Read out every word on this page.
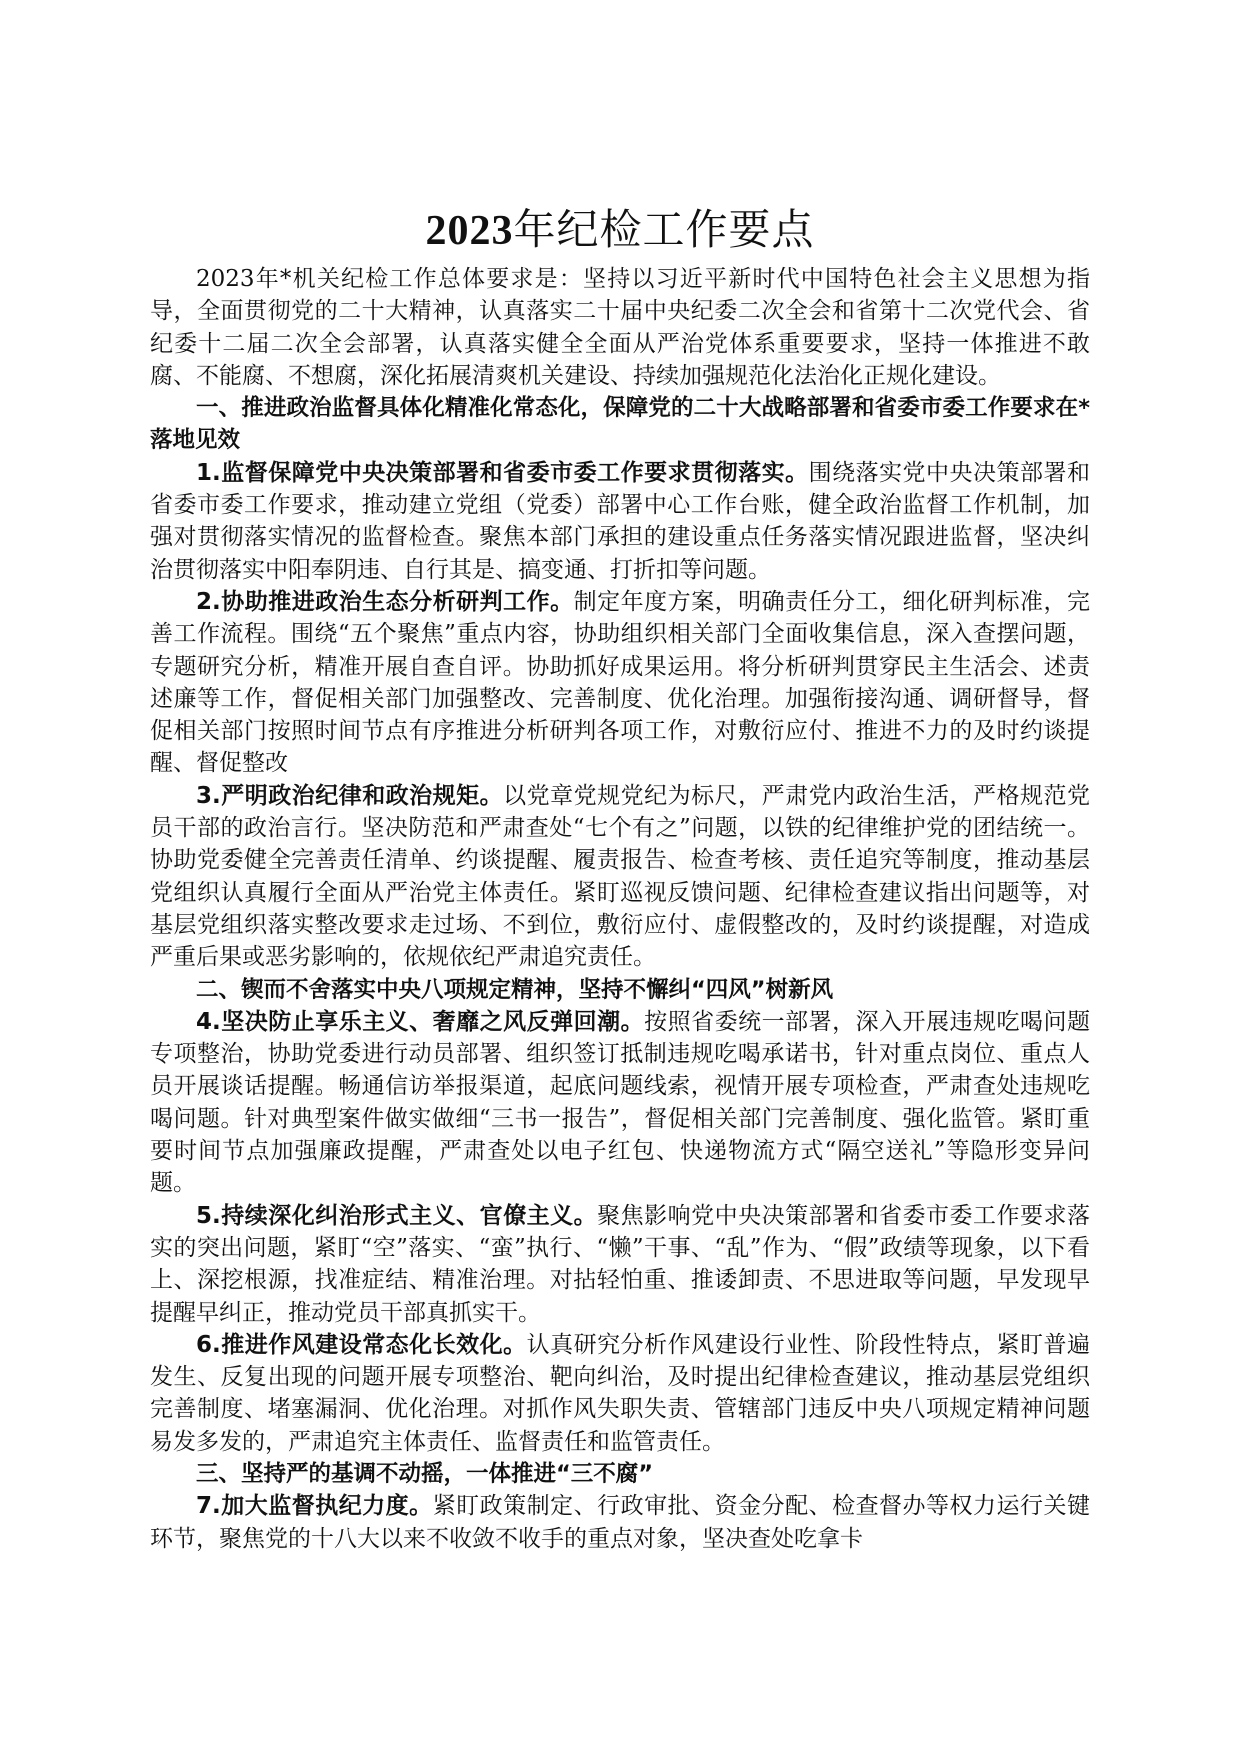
2023年纪检工作要点

2023年*机关纪检工作总体要求是：坚持以习近平新时代中国特色社会主义思想为指导，全面贯彻党的二十大精神，认真落实二十届中央纪委二次全会和省第十二次党代会、省纪委十二届二次全会部署，认真落实健全全面从严治党体系重要要求，坚持一体推进不敢腐、不能腐、不想腐，深化拓展清爽机关建设、持续加强规范化法治化正规化建设。

一、推进政治监督具体化精准化常态化，保障党的二十大战略部署和省委市委工作要求在*落地见效

1.监督保障党中央决策部署和省委市委工作要求贯彻落实。围绕落实党中央决策部署和省委市委工作要求，推动建立党组（党委）部署中心工作台账，健全政治监督工作机制，加强对贯彻落实情况的监督检查。聚焦本部门承担的建设重点任务落实情况跟进监督，坚决纠治贯彻落实中阳奉阴违、自行其是、搞变通、打折扣等问题。

2.协助推进政治生态分析研判工作。制定年度方案，明确责任分工，细化研判标准，完善工作流程。围绕“五个聚焦”重点内容，协助组织相关部门全面收集信息，深入查摆问题，专题研究分析，精准开展自查自评。协助抓好成果运用。将分析研判贯穿民主生活会、述责述廉等工作，督促相关部门加强整改、完善制度、优化治理。加强衔接沟通、调研督导，督促相关部门按照时间节点有序推进分析研判各项工作，对敷衍应付、推进不力的及时约谈提醒、督促整改

3.严明政治纪律和政治规矩。以党章党规党纪为标尺，严肃党内政治生活，严格规范党员干部的政治言行。坚决防范和严肃查处“七个有之”问题，以铁的纪律维护党的团结统一。协助党委健全完善责任清单、约谈提醒、履责报告、检查考核、责任追究等制度，推动基层党组织认真履行全面从严治党主体责任。紧盯巡视反馈问题、纪律检查建议指出问题等，对基层党组织落实整改要求走过场、不到位，敷衍应付、虚假整改的，及时约谈提醒，对造成严重后果或恶劣影响的，依规依纪严肃追究责任。

二、锲而不舍落实中央八项规定精神，坚持不懈纠“四风”树新风

4.坚决防止享乐主义、奢靡之风反弹回潮。按照省委统一部署，深入开展违规吃喝问题专项整治，协助党委进行动员部署、组织签订抵制违规吃喝承诺书，针对重点岗位、重点人员开展谈话提醒。畅通信访举报渠道，起底问题线索，视情开展专项检查，严肃查处违规吃喝问题。针对典型案件做实做细“三书一报告”，督促相关部门完善制度、强化监管。紧盯重要时间节点加强廉政提醒，严肃查处以电子红包、快递物流方式“隔空送礼”等隐形变异问题。

5.持续深化纠治形式主义、官僚主义。聚焦影响党中央决策部署和省委市委工作要求落实的突出问题，紧盯“空”落实、“蛮”执行、“懒”干事、“乱”作为、“假”政绩等现象，以下看上、深挖根源，找准症结、精准治理。对拈轻怕重、推诿卸责、不思进取等问题，早发现早提醒早纠正，推动党员干部真抓实干。

6.推进作风建设常态化长效化。认真研究分析作风建设行业性、阶段性特点，紧盯普遍发生、反复出现的问题开展专项整治、靶向纠治，及时提出纪律检查建议，推动基层党组织完善制度、堵塞漏洞、优化治理。对抓作风失职失责、管辖部门违反中央八项规定精神问题易发多发的，严肃追究主体责任、监督责任和监管责任。

三、坚持严的基调不动摇，一体推进“三不腐”

7.加大监督执纪力度。紧盯政策制定、行政审批、资金分配、检查督办等权力运行关键环节，聚焦党的十八大以来不收敛不收手的重点对象，坚决查处吃拿卡
